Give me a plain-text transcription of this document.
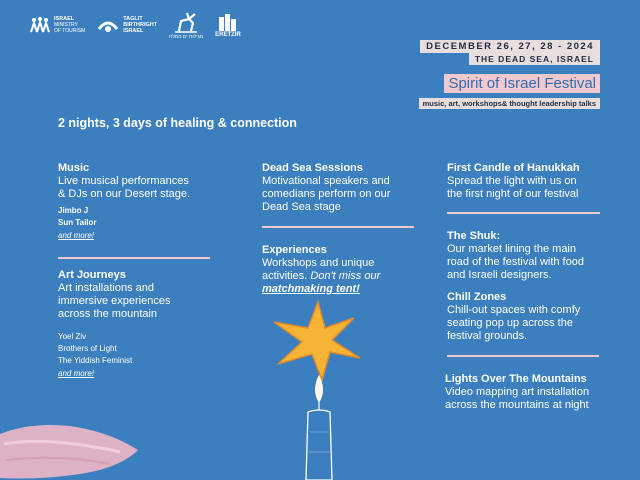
ISRAEL
MINISTRY
OF TOURISM
TAGLIT
BIRTHRIGHT
ISRAEL
מגילות ים המלח ERETZIR
DECEMBER 26, 27, 28 - 2024
THE DEAD SEA, ISRAEL
Spirit of Israel Festival
music, art, workshops& thought leadership talks
2 nights, 3 days of healing & connection
Music
Live musical performances
& DJs on our Desert stage.
Jimbo J
Sun Tailor
and more!
Art Journeys
Art installations and
immersive experiences
across the mountain
Yoel Ziv
Brothers of Light
The Yiddish Feminist
and more!
Dead Sea Sessions
Motivational speakers and
comedians perform on our
Dead Sea stage
Experiences
Workshops and unique
activities. Don't miss our
matchmaking tent!
First Candle of Hanukkah
Spread the light with us on
the first night of our festival
The Shuk:
Our market lining the main
road of the festival with food
and Israeli designers.
Chill Zones
Chill-out spaces with comfy
seating pop up across the
festival grounds.
Lights Over The Mountains
Video mapping art installation
across the mountains at night
